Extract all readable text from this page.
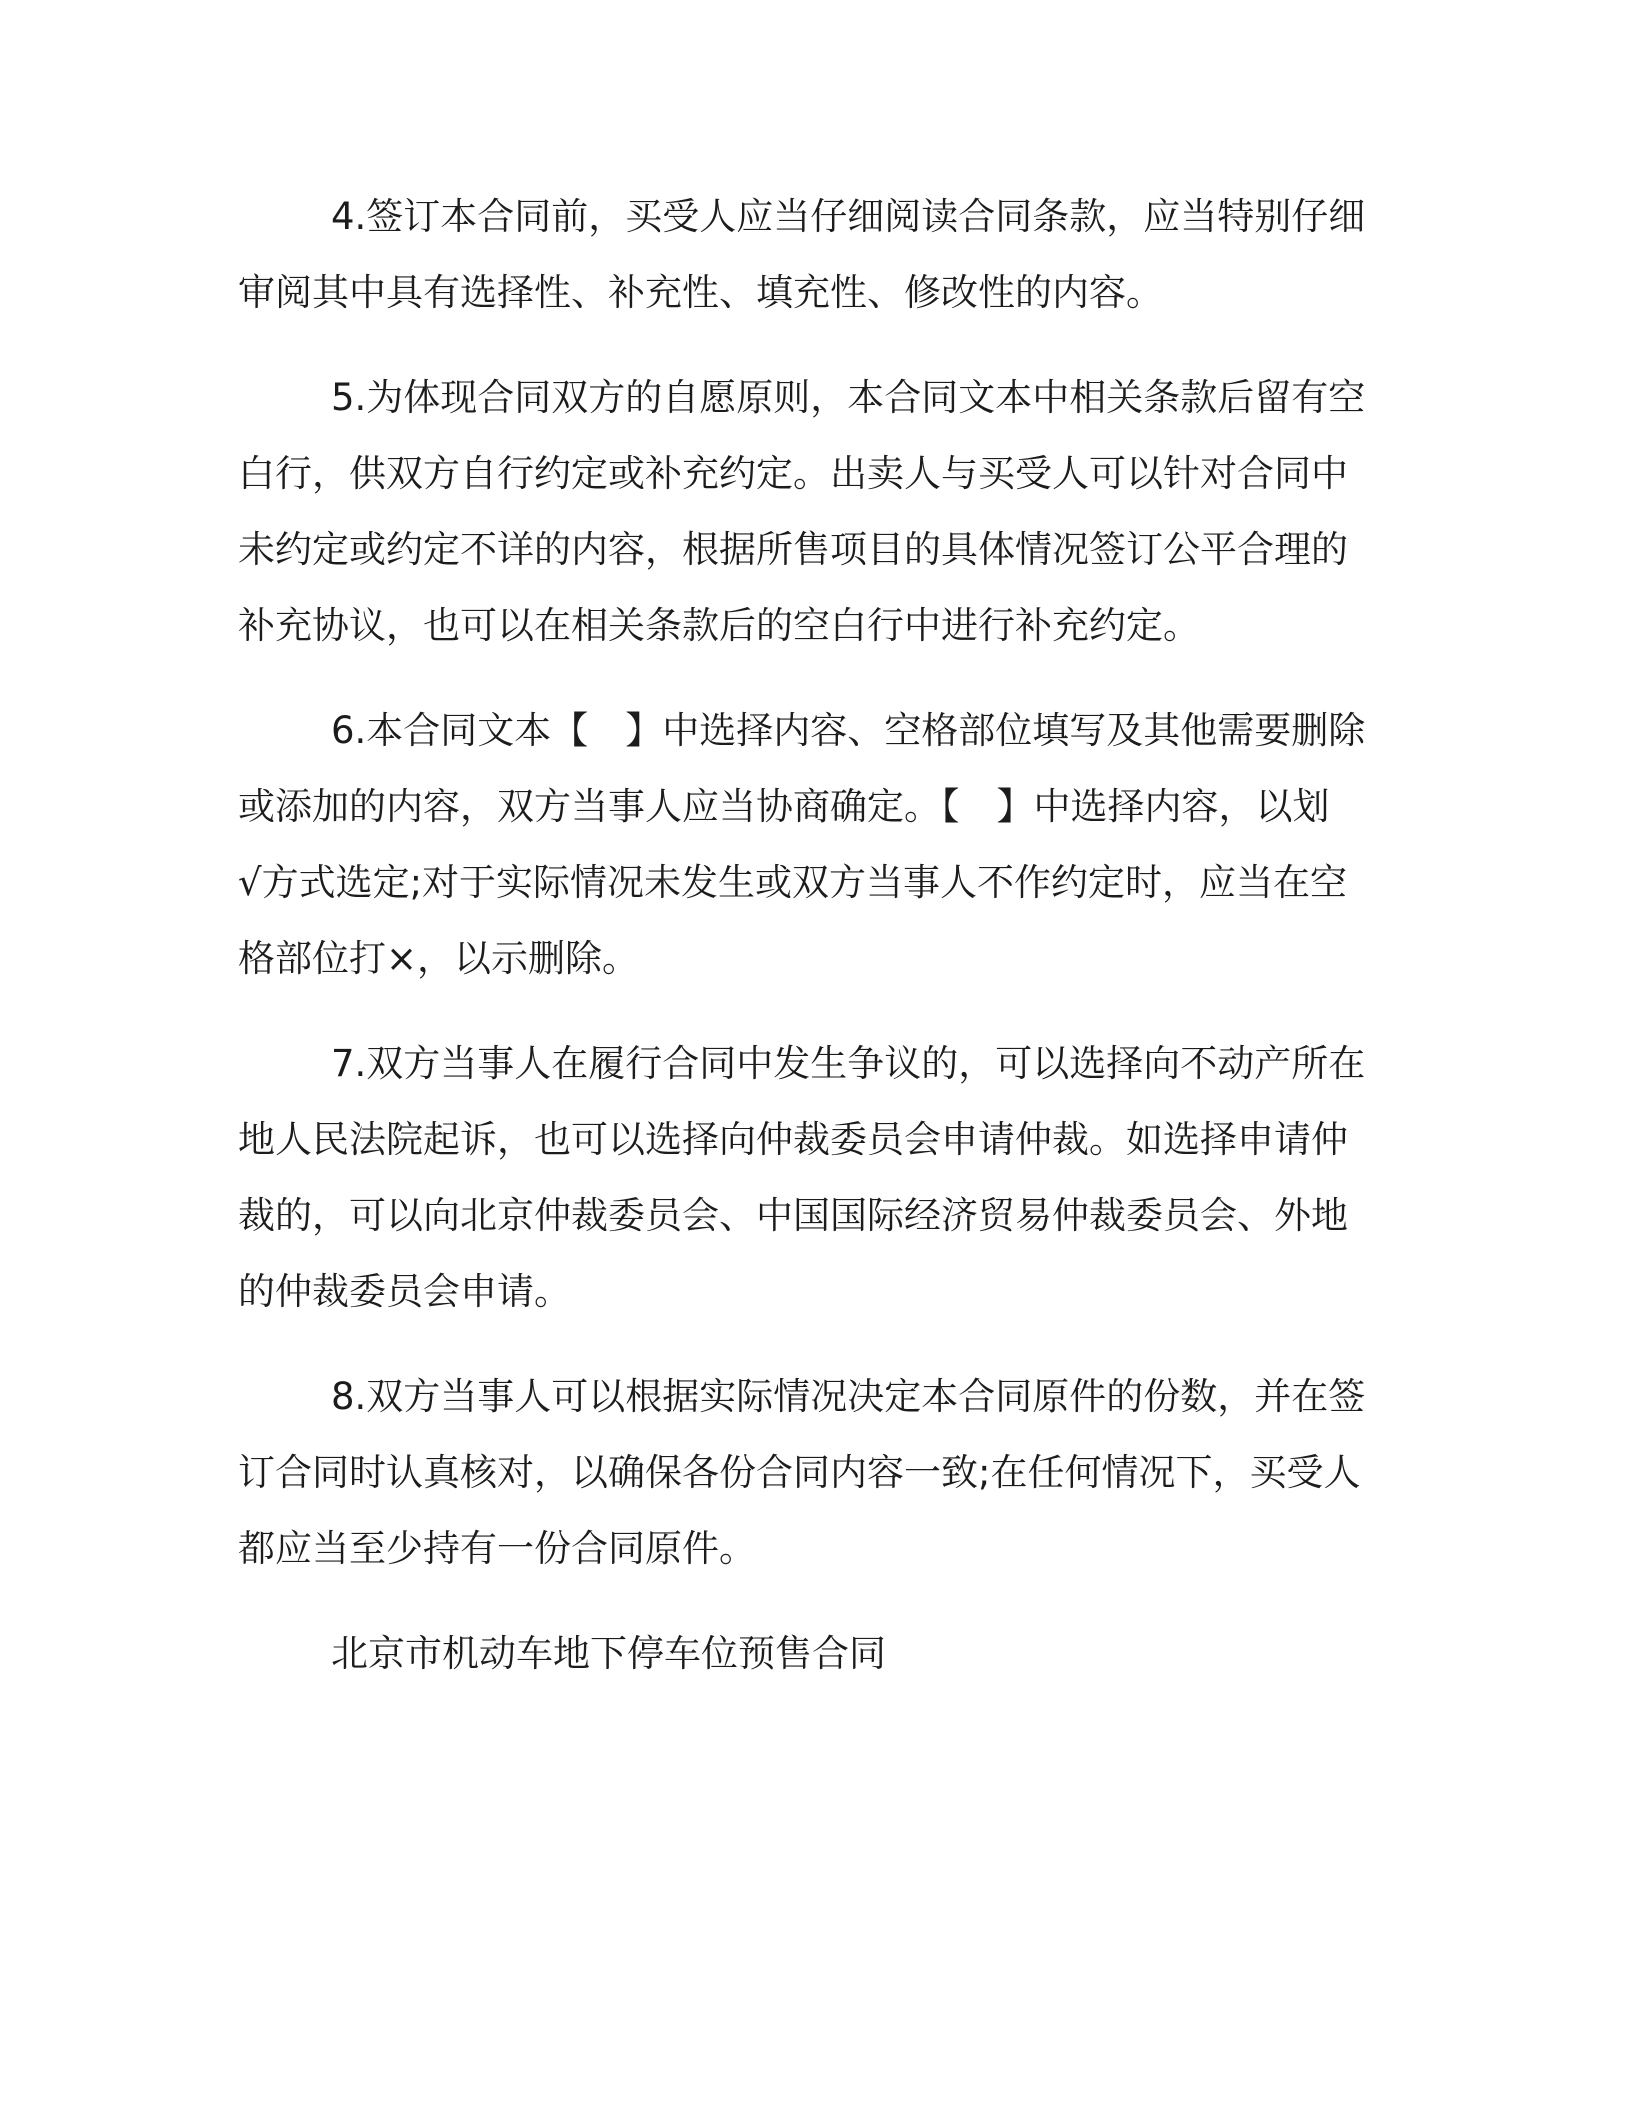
4.签订本合同前，买受人应当仔细阅读合同条款，应当特别仔细
审阅其中具有选择性、补充性、填充性、修改性的内容。
5.为体现合同双方的自愿原则，本合同文本中相关条款后留有空
白行，供双方自行约定或补充约定。出卖人与买受人可以针对合同中
未约定或约定不详的内容，根据所售项目的具体情况签订公平合理的
补充协议，也可以在相关条款后的空白行中进行补充约定。
6.本合同文本【　】中选择内容、空格部位填写及其他需要删除
或添加的内容，双方当事人应当协商确定。【　】中选择内容，以划
√方式选定;对于实际情况未发生或双方当事人不作约定时，应当在空
格部位打×，以示删除。
7.双方当事人在履行合同中发生争议的，可以选择向不动产所在
地人民法院起诉，也可以选择向仲裁委员会申请仲裁。如选择申请仲
裁的，可以向北京仲裁委员会、中国国际经济贸易仲裁委员会、外地
的仲裁委员会申请。
8.双方当事人可以根据实际情况决定本合同原件的份数，并在签
订合同时认真核对，以确保各份合同内容一致;在任何情况下，买受人
都应当至少持有一份合同原件。
北京市机动车地下停车位预售合同
